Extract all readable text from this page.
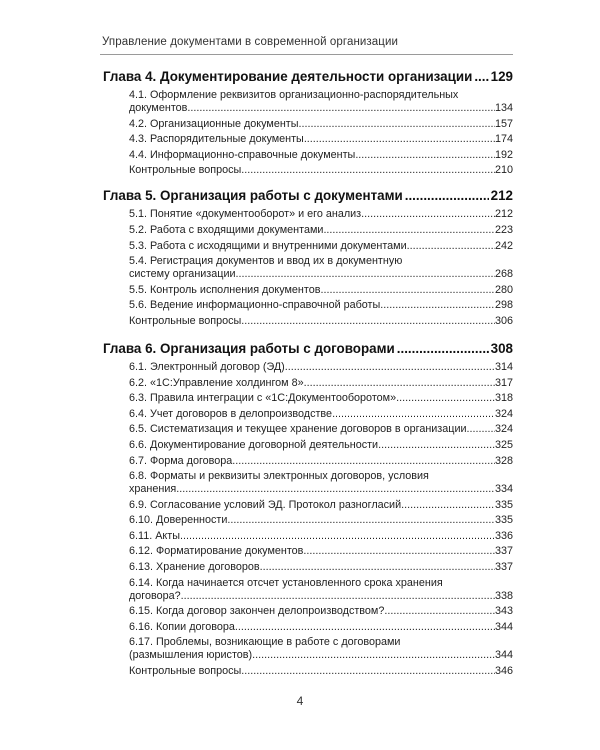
Управление документами в современной организации
Глава 4. Документирование деятельности организации ..... 129
4.1. Оформление реквизитов организационно-распорядительных
документов .....	134
4.2. Организационные документы .....	157
4.3. Распорядительные документы .....	174
4.4. Информационно-справочные документы .....	192
Контрольные вопросы .....	210
Глава 5. Организация работы с документами .....	212
5.1. Понятие «документооборот» и его анализ .....	212
5.2. Работа с входящими документами .....	223
5.3. Работа с исходящими и внутренними документами .....	242
5.4. Регистрация документов и ввод их в документную
систему организации .....	268
5.5. Контроль исполнения документов .....	280
5.6. Ведение информационно-справочной работы .....	298
Контрольные вопросы .....	306
Глава 6. Организация работы с договорами .....	308
6.1. Электронный договор (ЭД) .....	314
6.2. «1С:Управление холдингом 8» .....	317
6.3. Правила интеграции с «1С:Документооборотом» .....	318
6.4. Учет договоров в делопроизводстве .....	324
6.5. Систематизация и текущее хранение договоров в организации .....	324
6.6. Документирование договорной деятельности .....	325
6.7. Форма договора .....	328
6.8. Форматы и реквизиты электронных договоров, условия
хранения .....	334
6.9. Согласование условий ЭД. Протокол разногласий .....	335
6.10. Доверенности .....	335
6.11. Акты .....	336
6.12. Форматирование документов .....	337
6.13. Хранение договоров .....	337
6.14. Когда начинается отсчет установленного срока хранения
договора? .....	338
6.15. Когда договор закончен делопроизводством? .....	343
6.16. Копии договора .....	344
6.17. Проблемы, возникающие в работе с договорами
(размышления юристов) .....	344
Контрольные вопросы .....	346
4
